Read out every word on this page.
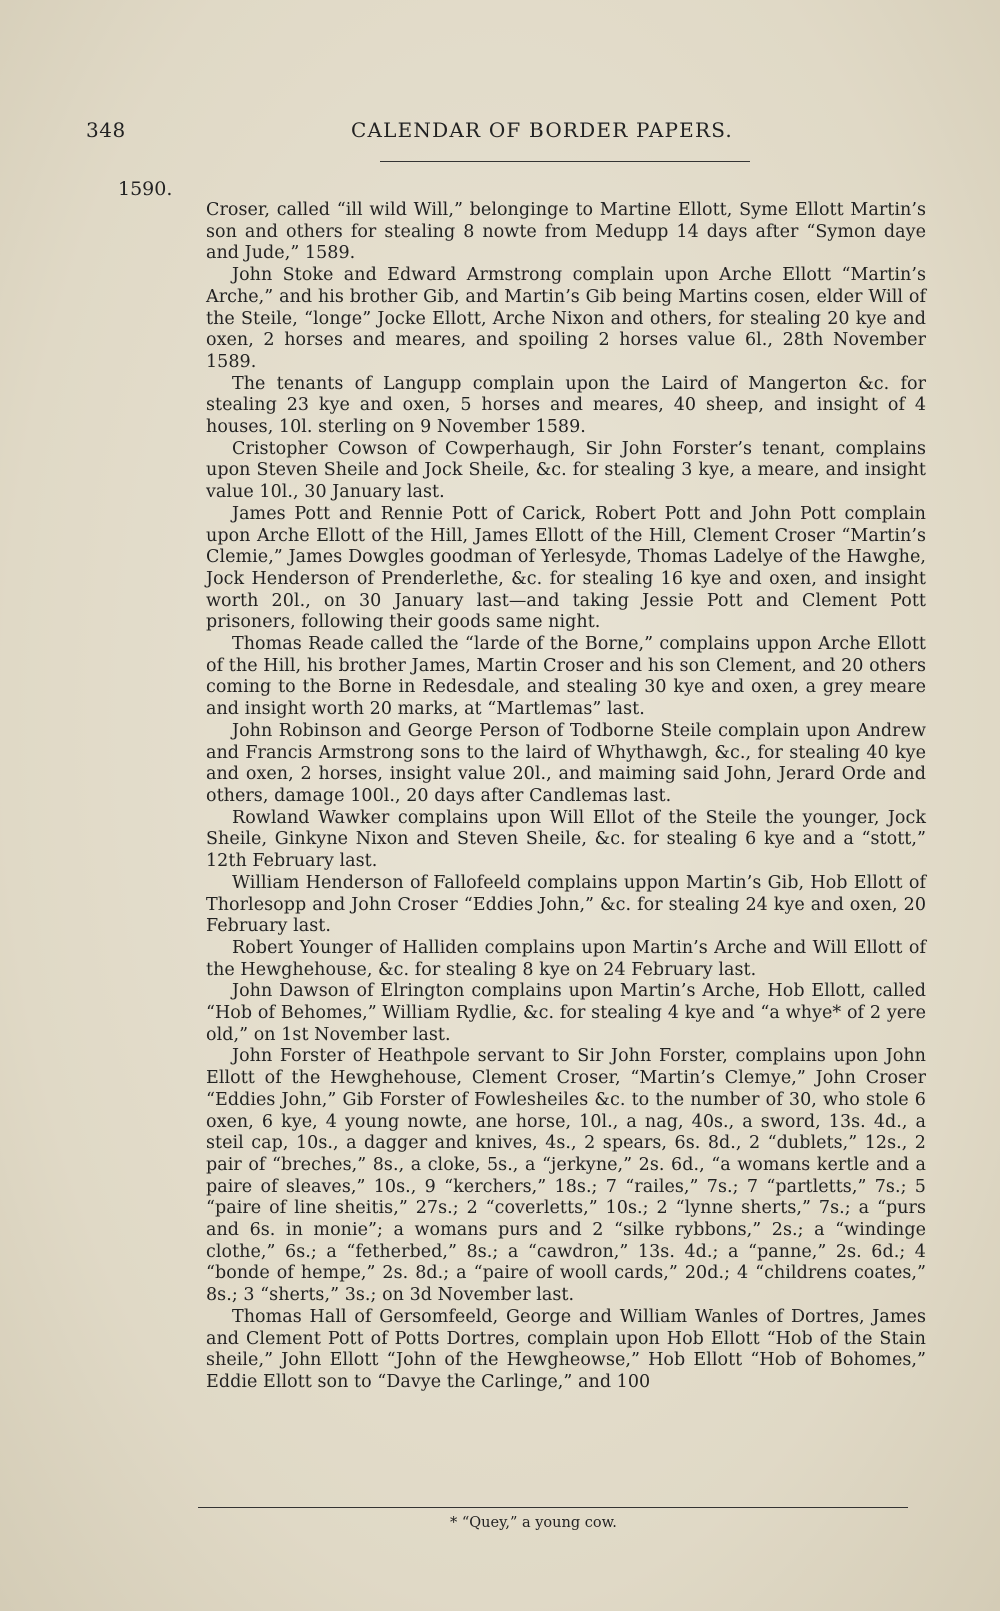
348	CALENDAR OF BORDER PAPERS.
1590.

Croser, called “ill wild Will,” belonginge to Martine Ellott, Syme Ellott Martin’s son and others for stealing 8 nowte from Medupp 14 days after “Symon daye and Jude,” 1589.

John Stoke and Edward Armstrong complain upon Arche Ellott “Martin’s Arche,” and his brother Gib, and Martin’s Gib being Martins cosen, elder Will of the Steile, “longe” Jocke Ellott, Arche Nixon and others, for stealing 20 kye and oxen, 2 horses and meares, and spoiling 2 horses value 6l., 28th November 1589.

The tenants of Langupp complain upon the Laird of Mangerton &c. for stealing 23 kye and oxen, 5 horses and meares, 40 sheep, and insight of 4 houses, 10l. sterling on 9 November 1589.

Cristopher Cowson of Cowperhaugh, Sir John Forster’s tenant, complains upon Steven Sheile and Jock Sheile, &c. for stealing 3 kye, a meare, and insight value 10l., 30 January last.

James Pott and Rennie Pott of Carick, Robert Pott and John Pott complain upon Arche Ellott of the Hill, James Ellott of the Hill, Clement Croser “Martin’s Clemie,” James Dowgles goodman of Yerlesyde, Thomas Ladelye of the Hawghe, Jock Henderson of Prenderlethe, &c. for stealing 16 kye and oxen, and insight worth 20l., on 30 January last—and taking Jessie Pott and Clement Pott prisoners, following their goods same night.

Thomas Reade called the “larde of the Borne,” complains uppon Arche Ellott of the Hill, his brother James, Martin Croser and his son Clement, and 20 others coming to the Borne in Redesdale, and stealing 30 kye and oxen, a grey meare and insight worth 20 marks, at “Martlemas” last.

John Robinson and George Person of Todborne Steile complain upon Andrew and Francis Armstrong sons to the laird of Whythawgh, &c., for stealing 40 kye and oxen, 2 horses, insight value 20l., and maiming said John, Jerard Orde and others, damage 100l., 20 days after Candlemas last.

Rowland Wawker complains upon Will Ellot of the Steile the younger, Jock Sheile, Ginkyne Nixon and Steven Sheile, &c. for stealing 6 kye and a “stott,” 12th February last.

William Henderson of Fallofeeld complains uppon Martin’s Gib, Hob Ellott of Thorlesopp and John Croser “Eddies John,” &c. for stealing 24 kye and oxen, 20 February last.

Robert Younger of Halliden complains upon Martin’s Arche and Will Ellott of the Hewghehouse, &c. for stealing 8 kye on 24 February last.

John Dawson of Elrington complains upon Martin’s Arche, Hob Ellott, called “Hob of Behomes,” William Rydlie, &c. for stealing 4 kye and “a whye* of 2 yere old,” on 1st November last.

John Forster of Heathpole servant to Sir John Forster, complains upon John Ellott of the Hewghehouse, Clement Croser, “Martin’s Clemye,” John Croser “Eddies John,” Gib Forster of Fowlesheiles &c. to the number of 30, who stole 6 oxen, 6 kye, 4 young nowte, ane horse, 10l., a nag, 40s., a sword, 13s. 4d., a steil cap, 10s., a dagger and knives, 4s., 2 spears, 6s. 8d., 2 “dublets,” 12s., 2 pair of “breches,” 8s., a cloke, 5s., a “jerkyne,” 2s. 6d., “a womans kertle and a paire of sleaves,” 10s., 9 “kerchers,” 18s.; 7 “railes,” 7s.; 7 “partletts,” 7s.; 5 “paire of line sheitis,” 27s.; 2 “coverletts,” 10s.; 2 “lynne sherts,” 7s.; a “purs and 6s. in monie”; a womans purs and 2 “silke rybbons,” 2s.; a “windinge clothe,” 6s.; a “fetherbed,” 8s.; a “cawdron,” 13s. 4d.; a “panne,” 2s. 6d.; 4 “bonde of hempe,” 2s. 8d.; a “paire of wooll cards,” 20d.; 4 “childrens coates,” 8s.; 3 “sherts,” 3s.; on 3d November last.

Thomas Hall of Gersomfeeld, George and William Wanles of Dortres, James and Clement Pott of Potts Dortres, complain upon Hob Ellott “Hob of the Stain sheile,” John Ellott “John of the Hewgheowse,” Hob Ellott “Hob of Bohomes,” Eddie Ellott son to “Davye the Carlinge,” and 100

* “Quey,” a young cow.
